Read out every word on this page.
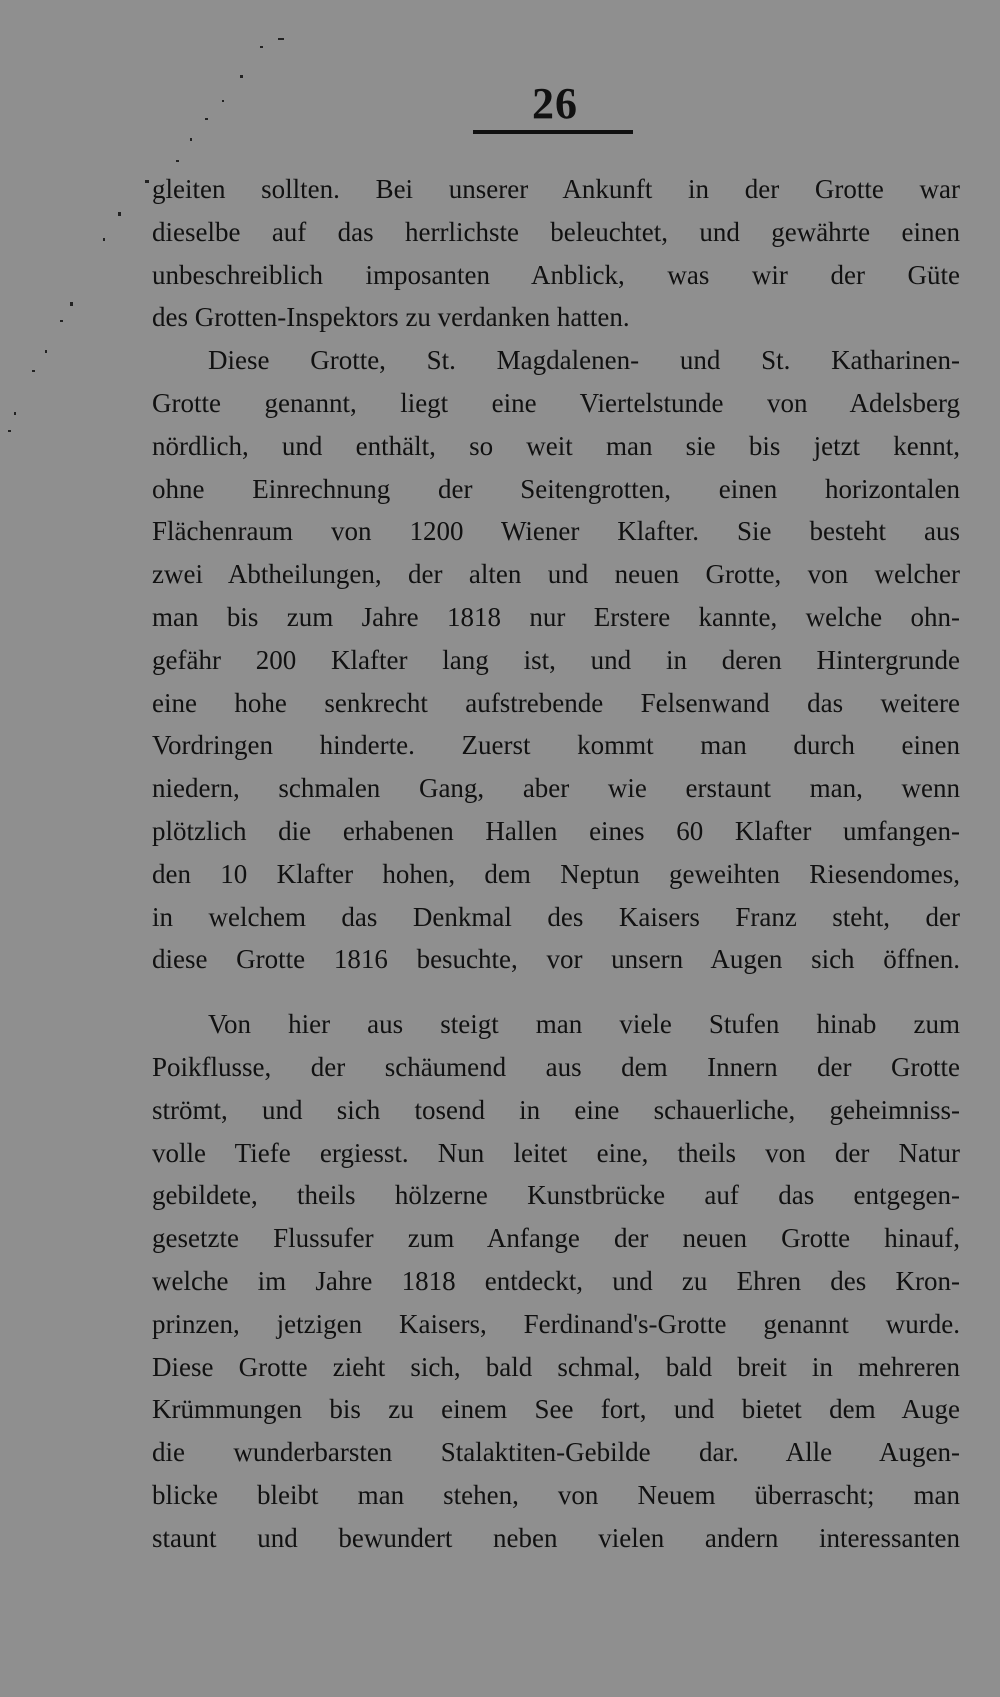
26

gleiten sollten. Bei unserer Ankunft in der Grotte war
dieselbe auf das herrlichste beleuchtet, und gewährte einen
unbeschreiblich imposanten Anblick, was wir der Güte
des Grotten-Inspektors zu verdanken hatten.

Diese Grotte, St. Magdalenen- und St. Katharinen-
Grotte genannt, liegt eine Viertelstunde von Adelsberg
nördlich, und enthält, so weit man sie bis jetzt kennt,
ohne Einrechnung der Seitengrotten, einen horizontalen
Flächenraum von 1200 Wiener Klafter. Sie besteht aus
zwei Abtheilungen, der alten und neuen Grotte, von welcher
man bis zum Jahre 1818 nur Erstere kannte, welche ohn-
gefähr 200 Klafter lang ist, und in deren Hintergrunde
eine hohe senkrecht aufstrebende Felsenwand das weitere
Vordringen hinderte. Zuerst kommt man durch einen
niedern, schmalen Gang, aber wie erstaunt man, wenn
plötzlich die erhabenen Hallen eines 60 Klafter umfangen-
den 10 Klafter hohen, dem Neptun geweihten Riesendomes,
in welchem das Denkmal des Kaisers Franz steht, der
diese Grotte 1816 besuchte, vor unsern Augen sich öffnen.

Von hier aus steigt man viele Stufen hinab zum
Poikflusse, der schäumend aus dem Innern der Grotte
strömt, und sich tosend in eine schauerliche, geheimniss-
volle Tiefe ergiesst. Nun leitet eine, theils von der Natur
gebildete, theils hölzerne Kunstbrücke auf das entgegen-
gesetzte Flussufer zum Anfange der neuen Grotte hinauf,
welche im Jahre 1818 entdeckt, und zu Ehren des Kron-
prinzen, jetzigen Kaisers, Ferdinand's-Grotte genannt wurde.
Diese Grotte zieht sich, bald schmal, bald breit in mehreren
Krümmungen bis zu einem See fort, und bietet dem Auge
die wunderbarsten Stalaktiten-Gebilde dar. Alle Augen-
blicke bleibt man stehen, von Neuem überrascht; man
staunt und bewundert neben vielen andern interessanten
